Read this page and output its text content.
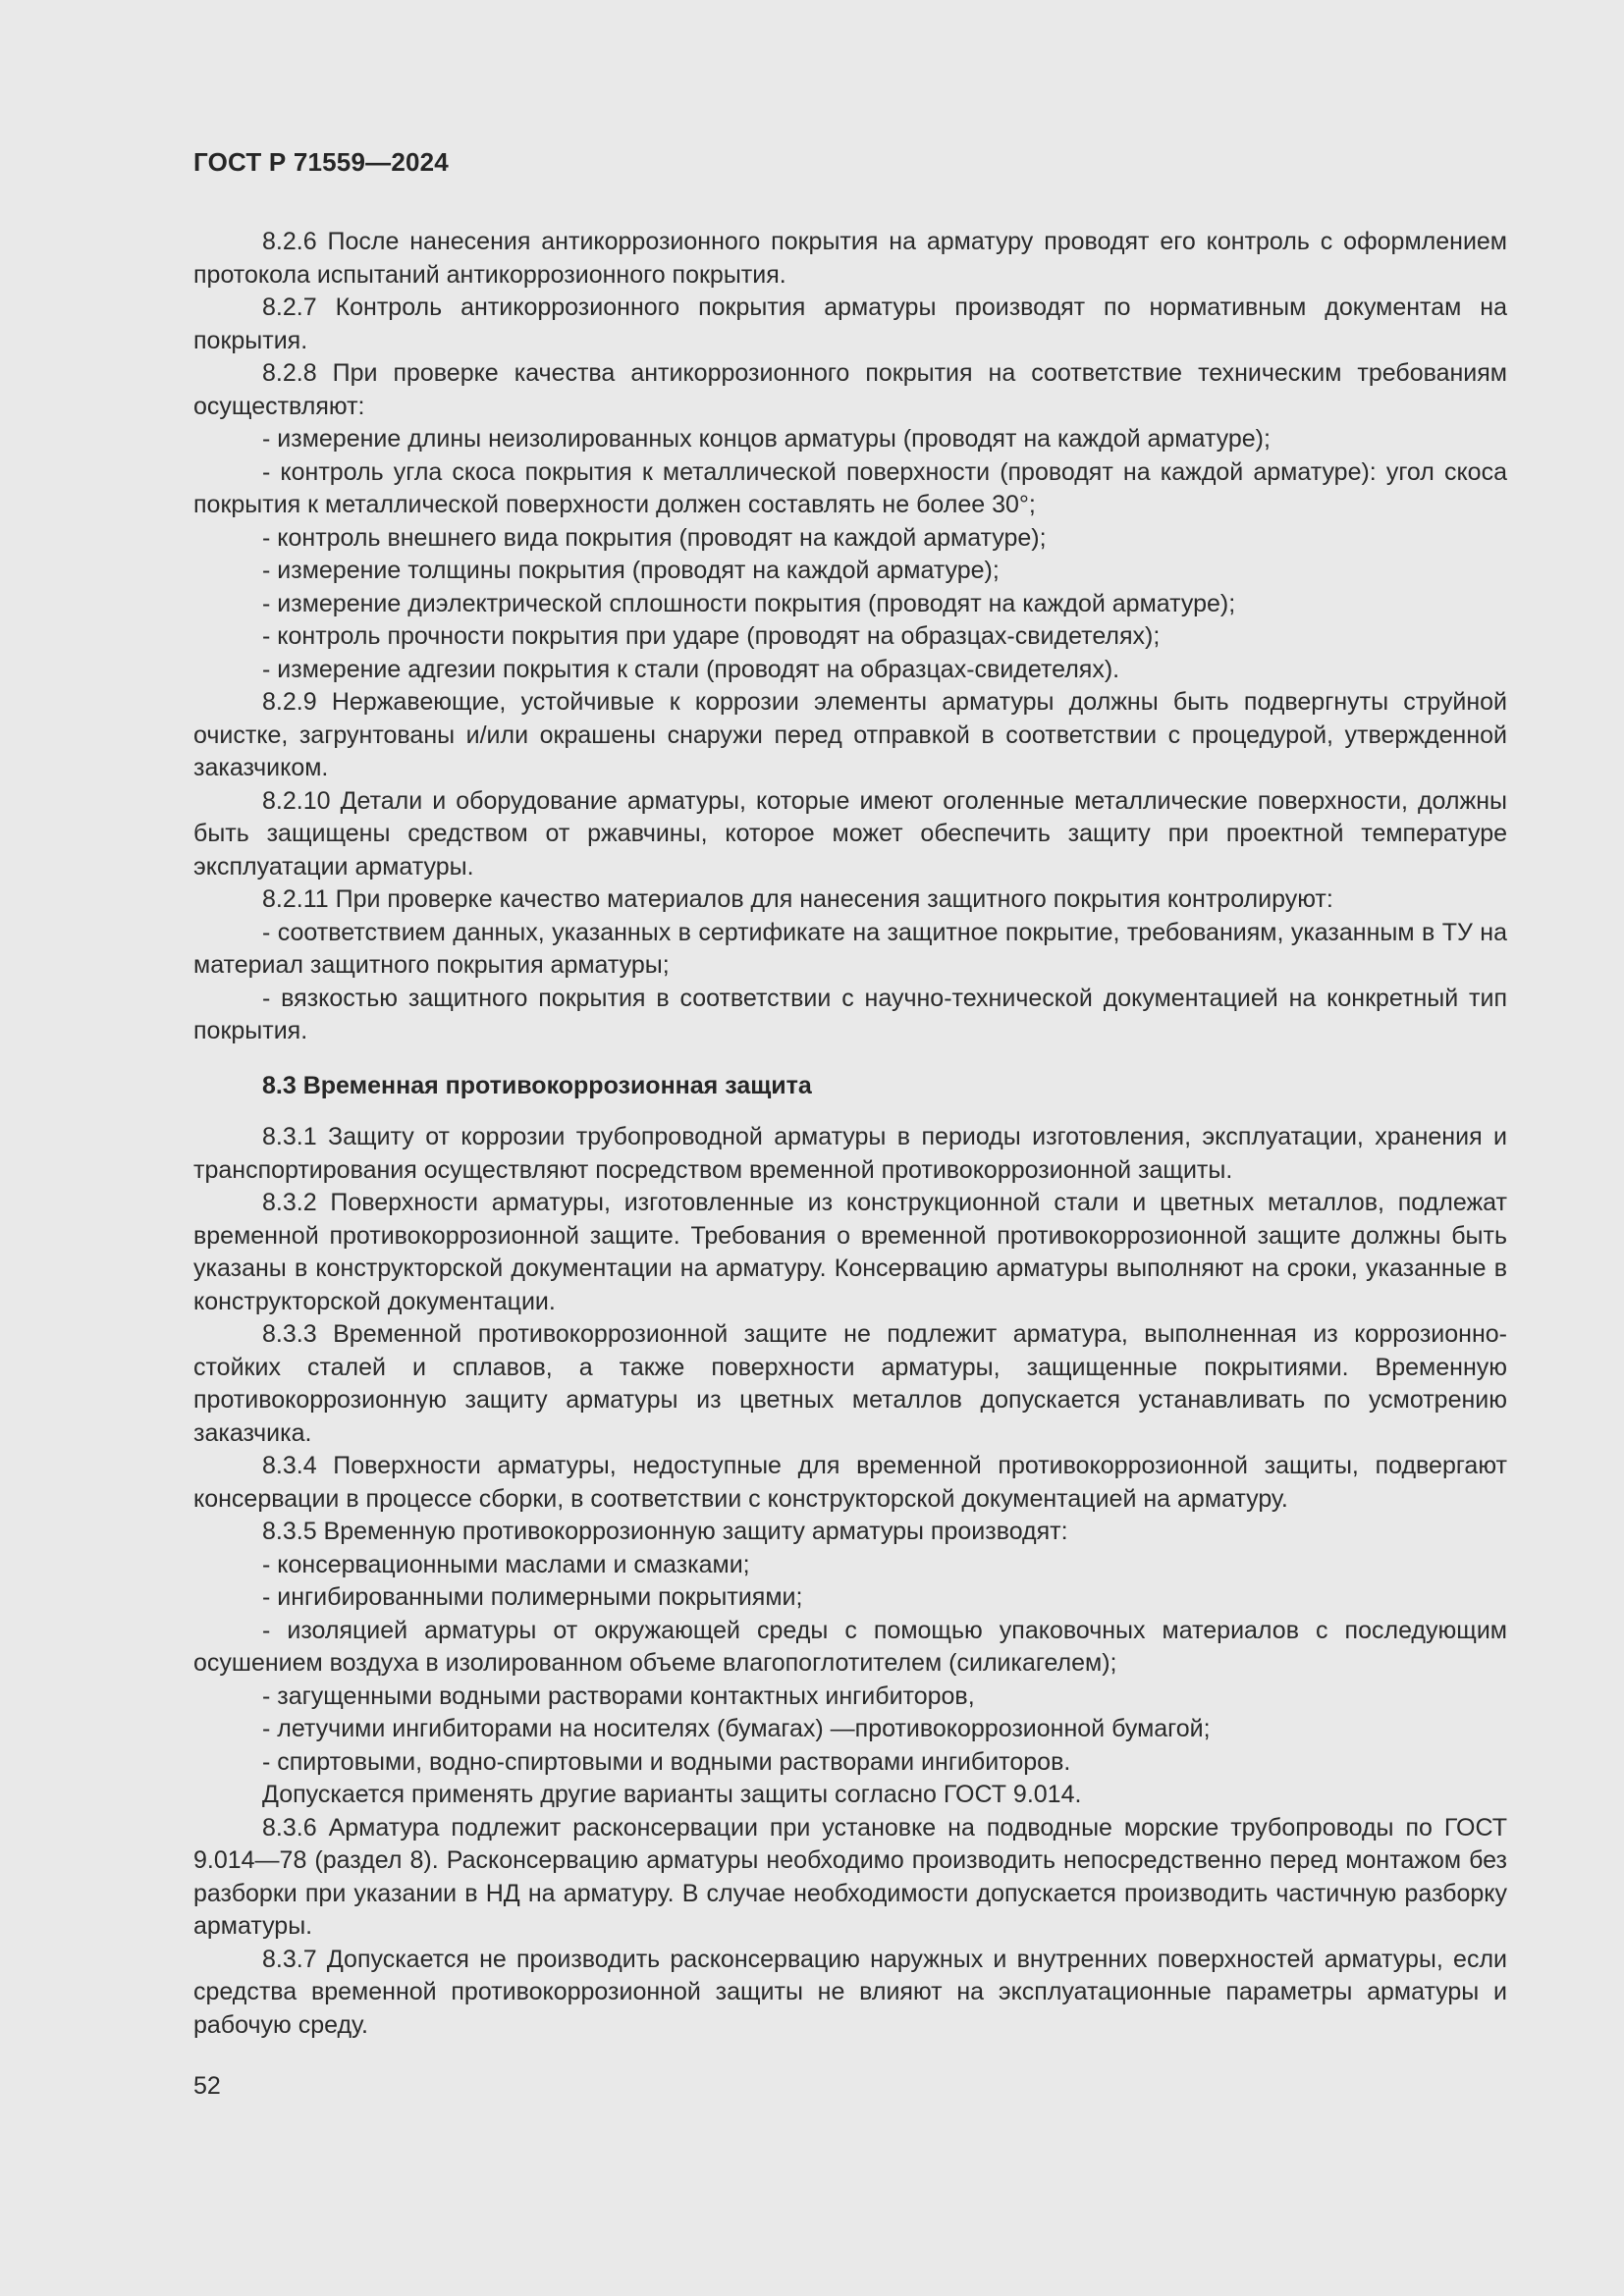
ГОСТ Р 71559—2024

8.2.6 После нанесения антикоррозионного покрытия на арматуру проводят его контроль с оформлением протокола испытаний антикоррозионного покрытия.

8.2.7 Контроль антикоррозионного покрытия арматуры производят по нормативным документам на покрытия.

8.2.8 При проверке качества антикоррозионного покрытия на соответствие техническим требованиям осуществляют:

- измерение длины неизолированных концов арматуры (проводят на каждой арматуре);

- контроль угла скоса покрытия к металлической поверхности (проводят на каждой арматуре): угол скоса покрытия к металлической поверхности должен составлять не более 30°;

- контроль внешнего вида покрытия (проводят на каждой арматуре);

- измерение толщины покрытия (проводят на каждой арматуре);

- измерение диэлектрической сплошности покрытия (проводят на каждой арматуре);

- контроль прочности покрытия при ударе (проводят на образцах-свидетелях);

- измерение адгезии покрытия к стали (проводят на образцах-свидетелях).

8.2.9 Нержавеющие, устойчивые к коррозии элементы арматуры должны быть подвергнуты струйной очистке, загрунтованы и/или окрашены снаружи перед отправкой в соответствии с процедурой, утвержденной заказчиком.

8.2.10 Детали и оборудование арматуры, которые имеют оголенные металлические поверхности, должны быть защищены средством от ржавчины, которое может обеспечить защиту при проектной температуре эксплуатации арматуры.

8.2.11 При проверке качество материалов для нанесения защитного покрытия контролируют:

- соответствием данных, указанных в сертификате на защитное покрытие, требованиям, указанным в ТУ на материал защитного покрытия арматуры;

- вязкостью защитного покрытия в соответствии с научно-технической документацией на конкретный тип покрытия.

8.3 Временная противокоррозионная защита

8.3.1 Защиту от коррозии трубопроводной арматуры в периоды изготовления, эксплуатации, хранения и транспортирования осуществляют посредством временной противокоррозионной защиты.

8.3.2 Поверхности арматуры, изготовленные из конструкционной стали и цветных металлов, подлежат временной противокоррозионной защите. Требования о временной противокоррозионной защите должны быть указаны в конструкторской документации на арматуру. Консервацию арматуры выполняют на сроки, указанные в конструкторской документации.

8.3.3 Временной противокоррозионной защите не подлежит арматура, выполненная из коррозионно-стойких сталей и сплавов, а также поверхности арматуры, защищенные покрытиями. Временную противокоррозионную защиту арматуры из цветных металлов допускается устанавливать по усмотрению заказчика.

8.3.4 Поверхности арматуры, недоступные для временной противокоррозионной защиты, подвергают консервации в процессе сборки, в соответствии с конструкторской документацией на арматуру.

8.3.5 Временную противокоррозионную защиту арматуры производят:

- консервационными маслами и смазками;

- ингибированными полимерными покрытиями;

- изоляцией арматуры от окружающей среды с помощью упаковочных материалов с последующим осушением воздуха в изолированном объеме влагопоглотителем (силикагелем);

- загущенными водными растворами контактных ингибиторов,

- летучими ингибиторами на носителях (бумагах) —противокоррозионной бумагой;

- спиртовыми, водно-спиртовыми и водными растворами ингибиторов.

Допускается применять другие варианты защиты согласно ГОСТ 9.014.

8.3.6 Арматура подлежит расконсервации при установке на подводные морские трубопроводы по ГОСТ 9.014—78 (раздел 8). Расконсервацию арматуры необходимо производить непосредственно перед монтажом без разборки при указании в НД на арматуру. В случае необходимости допускается производить частичную разборку арматуры.

8.3.7 Допускается не производить расконсервацию наружных и внутренних поверхностей арматуры, если средства временной противокоррозионной защиты не влияют на эксплуатационные параметры арматуры и рабочую среду.

52
